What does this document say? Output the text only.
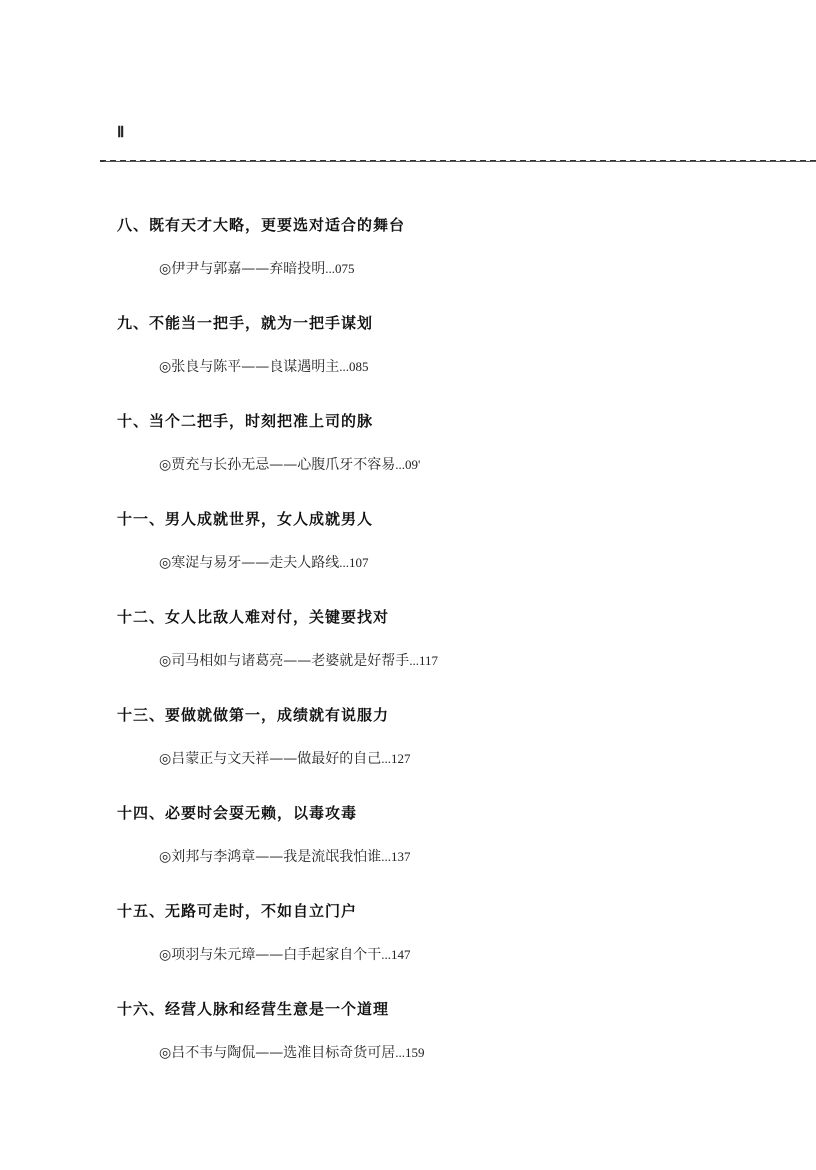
Ⅱ
八、既有天才大略，更要选对适合的舞台
◎伊尹与郭嘉——弃暗投明...075
九、不能当一把手，就为一把手谋划
◎张良与陈平——良谋遇明主...085
十、当个二把手，时刻把准上司的脉
◎贾充与长孙无忌——心腹爪牙不容易...09'
十一、男人成就世界，女人成就男人
◎寒浞与易牙——走夫人路线...107
十二、女人比敌人难对付，关键要找对
◎司马相如与诸葛亮——老婆就是好帮手...117
十三、要做就做第一，成绩就有说服力
◎吕蒙正与文天祥——做最好的自己...127
十四、必要时会耍无赖，以毒攻毒
◎刘邦与李鸿章——我是流氓我怕谁...137
十五、无路可走时，不如自立门户
◎项羽与朱元璋——白手起家自个干...147
十六、经营人脉和经营生意是一个道理
◎吕不韦与陶侃——选准目标奇货可居...159
